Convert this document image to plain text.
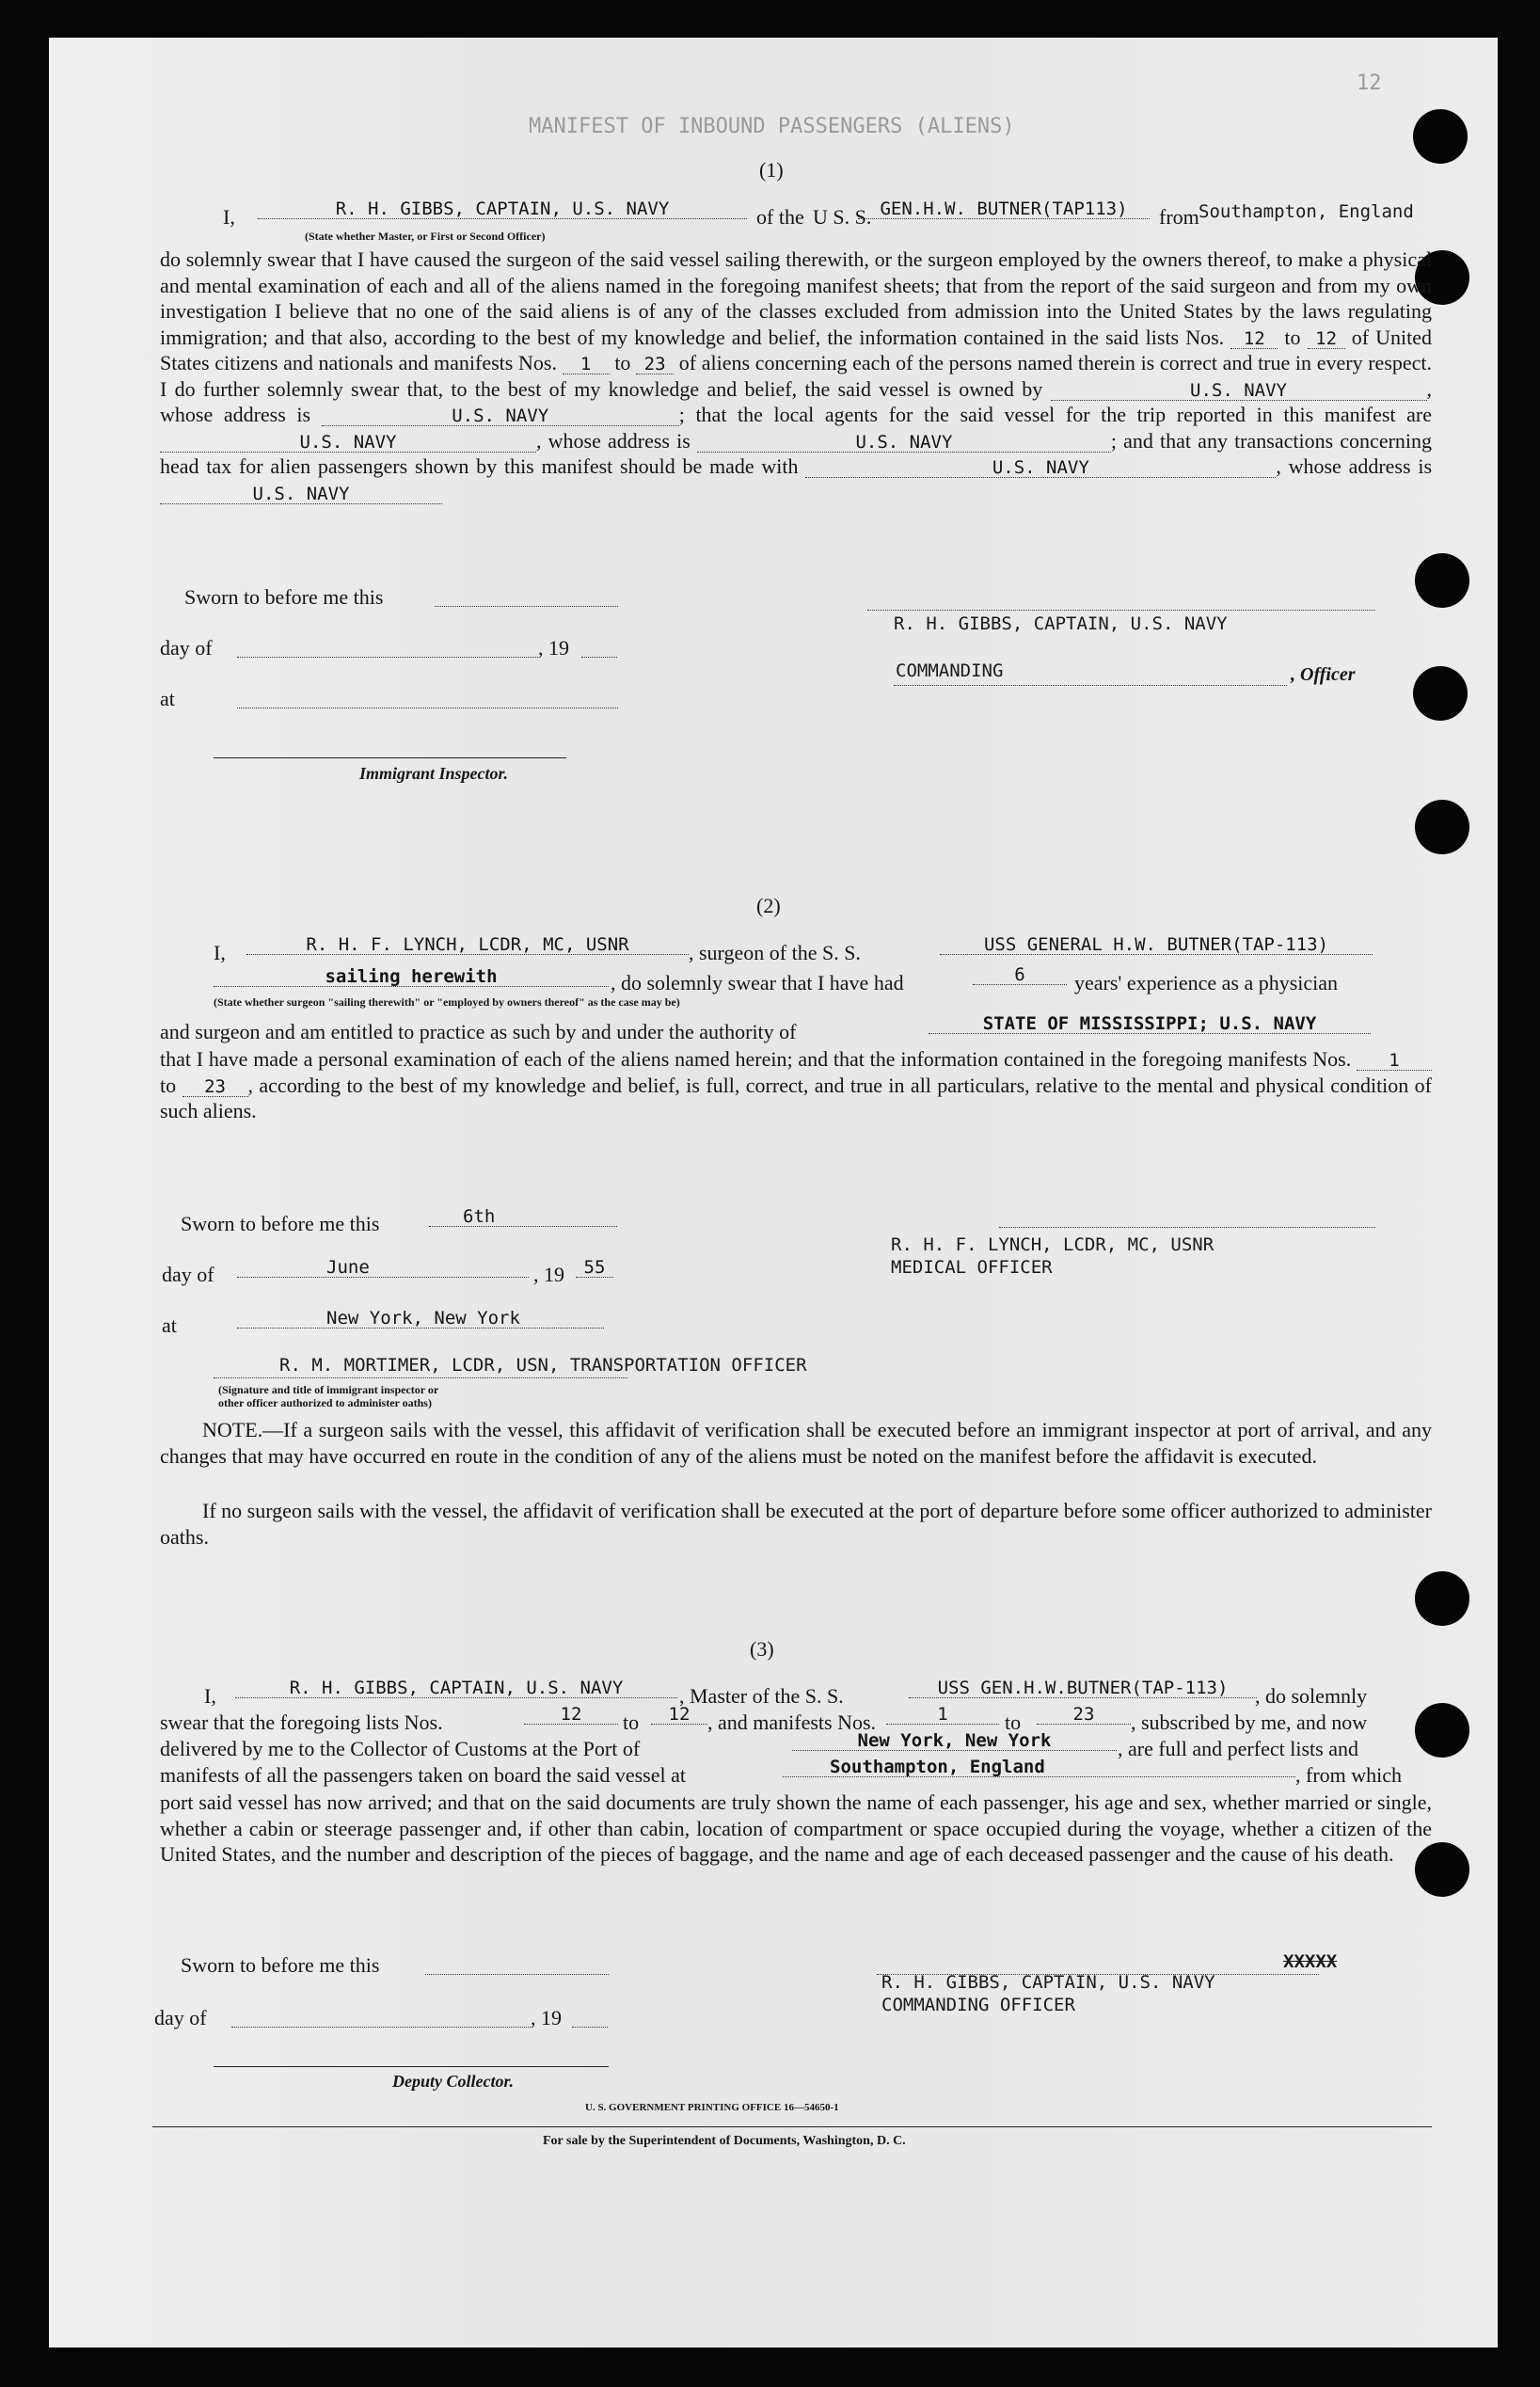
MANIFEST OF INBOUND PASSENGERS (ALIENS)
12
(1)
I,	R. H. GIBBS, CAPTAIN, U.S. NAVY
(State whether Master, or First or Second Officer)
of the U S. S. GEN.H.W. BUTNER(TAP113)	from Southampton, England
do solemnly swear that I have caused the surgeon of the said vessel sailing therewith, or the surgeon employed by the owners thereof, to make a physical and mental examination of each and all of the aliens named in the foregoing manifest sheets; that from the report of the said surgeon and from my own investigation I believe that no one of the said aliens is of any of the classes excluded from admission into the United States by the laws regulating immigration; and that also, according to the best of my knowledge and belief, the information contained in the said lists Nos. 12 to 12 of United States citizens and nationals and manifests Nos. 1 to 23 of aliens concerning each of the persons named therein is correct and true in every respect. I do further solemnly swear that, to the best of my knowledge and belief, the said vessel is owned by	U.S. NAVY	, whose address is	U.S. NAVY	; that the local agents for the said vessel for the trip reported in this manifest are U.S. NAVY	, whose address is	U.S. NAVY	; and that any transactions concerning head tax for alien passengers shown by this manifest should be made with	U.S. NAVY	, whose address is U.S. NAVY
Sworn to before me this
day of	, 19
at
Immigrant Inspector.
R. H. GIBBS, CAPTAIN, U.S. NAVY
COMMANDING	, Officer
(2)
I,	R. H. F. LYNCH, LCDR, MC, USNR	, surgeon of the S. S.	USS GENERAL H.W. BUTNER(TAP-113)
sailing herewith	, do solemnly swear that I have had	6	years' experience as a physician
(State whether surgeon "sailing therewith" or "employed by owners thereof" as the case may be)
and surgeon and am entitled to practice as such by and under the authority of	STATE OF MISSISSIPPI; U.S. NAVY
that I have made a personal examination of each of the aliens named herein; and that the information contained in the foregoing manifests Nos. 1 to 23 , according to the best of my knowledge and belief, is full, correct, and true in all particulars, relative to the mental and physical condition of such aliens.
Sworn to before me this	6th
day of	June	, 19	55
at	New York, New York
R. H. F. LYNCH, LCDR, MC, USNR
MEDICAL OFFICER
R. M. MORTIMER, LCDR, USN, TRANSPORTATION OFFICER
(Signature and title of immigrant inspector or
other officer authorized to administer oaths)
NOTE.—If a surgeon sails with the vessel, this affidavit of verification shall be executed before an immigrant inspector at port of arrival, and any changes that may have occurred en route in the condition of any of the aliens must be noted on the manifest before the affidavit is executed.
If no surgeon sails with the vessel, the affidavit of verification shall be executed at the port of departure before some officer authorized to administer oaths.
(3)
I,	R. H. GIBBS, CAPTAIN, U.S. NAVY	, Master of the S. S.	USS GEN.H.W.BUTNER(TAP-113)	, do solemnly
swear that the foregoing lists Nos.	12	to	12 , and manifests Nos.	1	to	23	, subscribed by me, and now
delivered by me to the Collector of Customs at the Port of	New York, New York	, are full and perfect lists and
manifests of all the passengers taken on board the said vessel at	Southampton, England	, from which
port said vessel has now arrived; and that on the said documents are truly shown the name of each passenger, his age and sex, whether married or single, whether a cabin or steerage passenger and, if other than cabin, location of compartment or space occupied during the voyage, whether a citizen of the United States, and the number and description of the pieces of baggage, and the name and age of each deceased passenger and the cause of his death.
Sworn to before me this
day of	, 19
Deputy Collector.
XXXXX
R. H. GIBBS, CAPTAIN, U.S. NAVY
COMMANDING OFFICER
U. S. GOVERNMENT PRINTING OFFICE 16—54650-1
For sale by the Superintendent of Documents, Washington, D. C.
